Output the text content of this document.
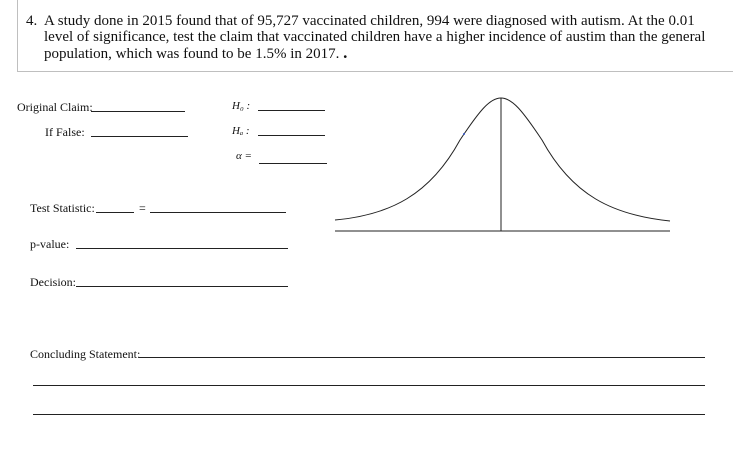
4. A study done in 2015 found that of 95,727 vaccinated children, 994 were diagnosed with autism. At the 0.01 level of significance, test the claim that vaccinated children have a higher incidence of austim than the general population, which was found to be 1.5% in 2017. .
Original Claim:
If False:
H₀ :
Hₐ :
α =
Test Statistic:	=
p-value:
Decision:
Concluding Statement:
